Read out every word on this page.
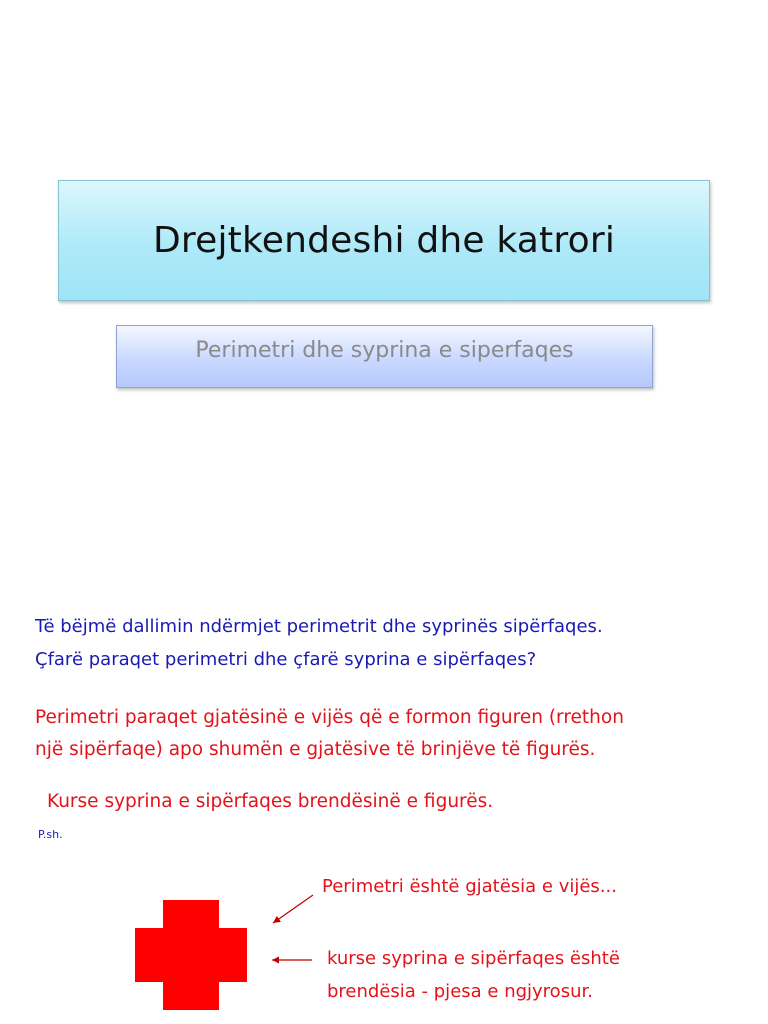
Drejtkendeshi dhe katrori
Perimetri dhe syprina e siperfaqes
Të bëjmë dallimin ndërmjet perimetrit dhe syprinës sipërfaqes.
Çfarë paraqet perimetri dhe çfarë syprina e sipërfaqes?
Perimetri paraqet gjatësinë e vijës që e formon figuren (rrethon
një sipërfaqe) apo shumën e gjatësive të brinjëve të figurës.
Kurse syprina e sipërfaqes brendësinë e figurës.
P.sh.
Perimetri është gjatësia e vijës...
kurse syprina e sipërfaqes është
brendësia - pjesa e ngjyrosur.
